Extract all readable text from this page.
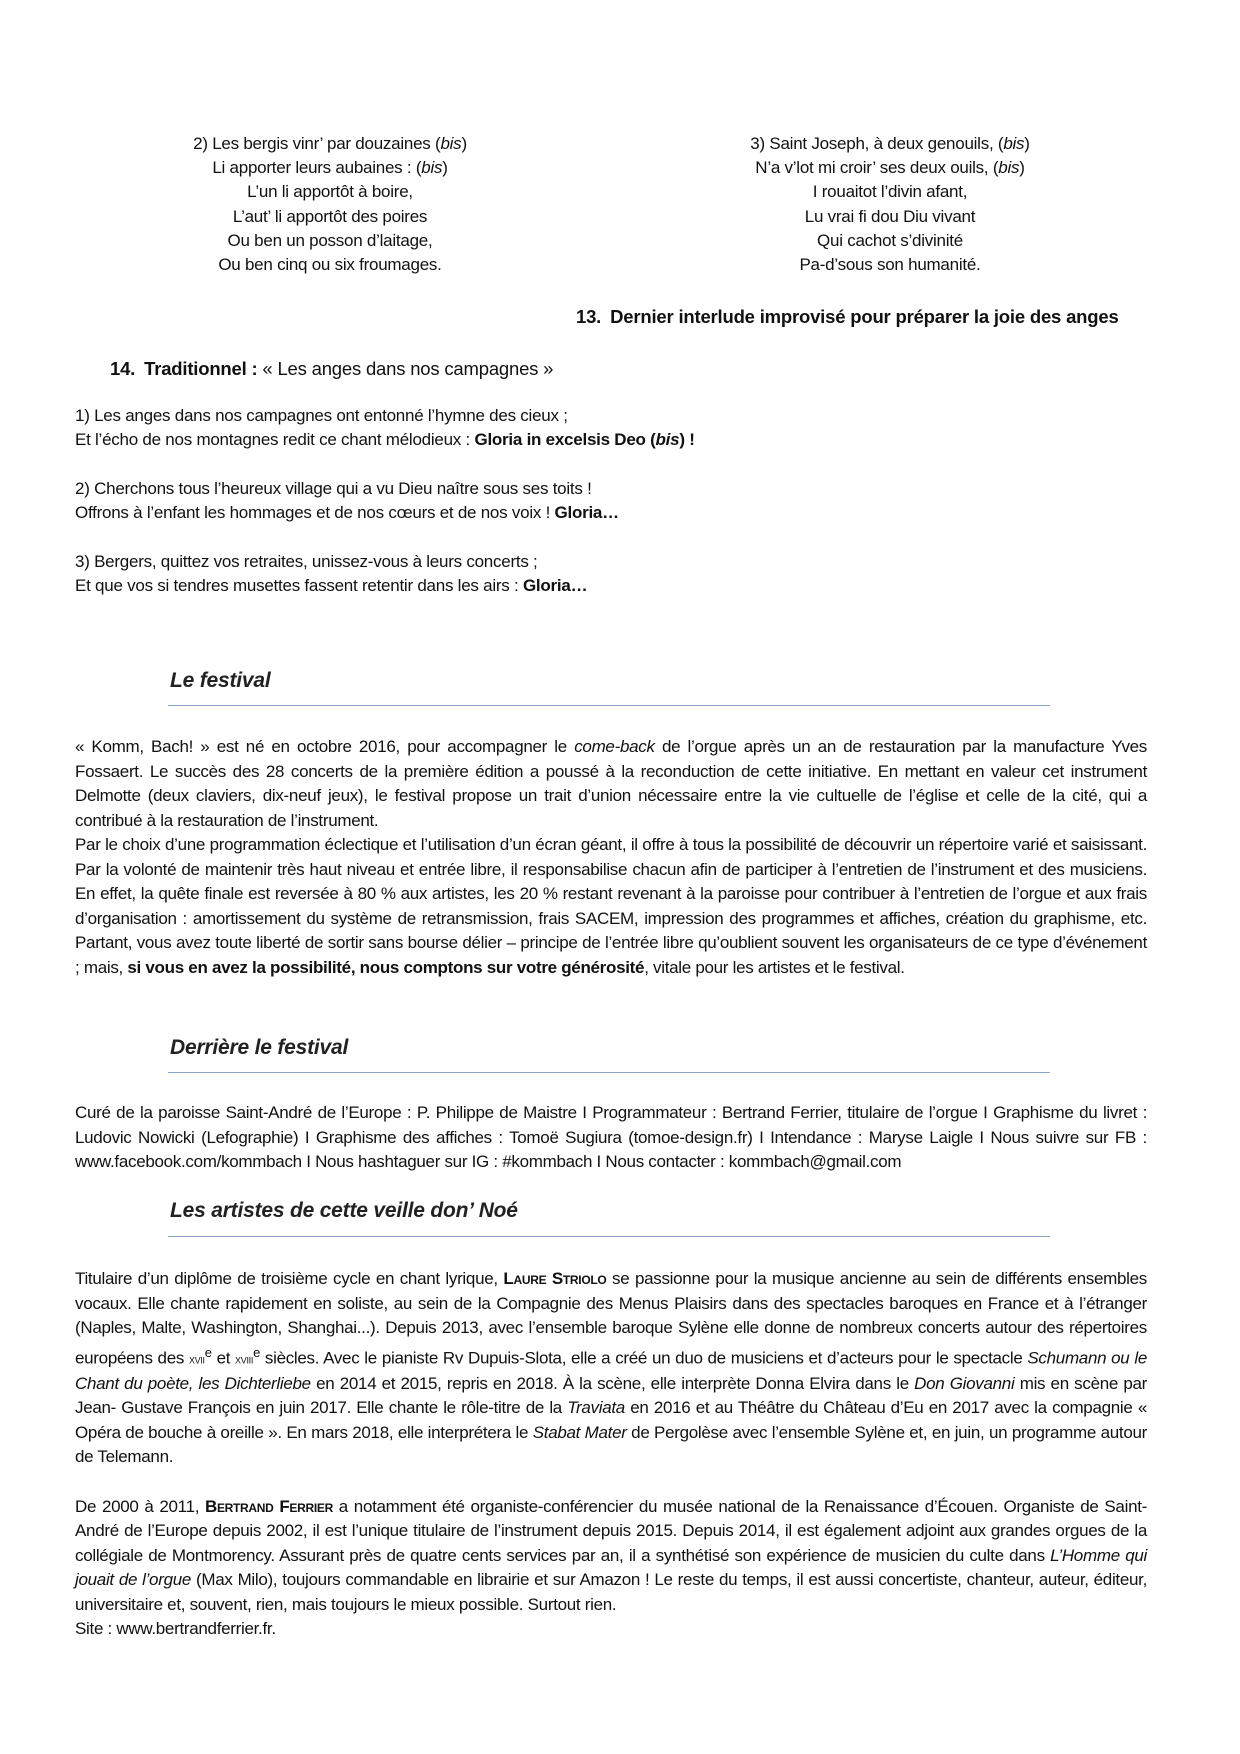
2) Les bergis vinr’ par douzaines (bis)
Li apporter leurs aubaines : (bis)
L’un li apportôt à boire,
L’aut’ li apportôt des poires
Ou ben un posson d’laitage,
Ou ben cinq ou six froumages.
3) Saint Joseph, à deux genouils, (bis)
N’a v’lot mi croir’ ses deux ouils, (bis)
I rouaitot l’divin afant,
Lu vrai fi dou Diu vivant
Qui cachot s’divinité
Pa-d’sous son humanité.
13. Dernier interlude improvisé pour préparer la joie des anges
14. Traditionnel : « Les anges dans nos campagnes »
1) Les anges dans nos campagnes ont entonné l’hymne des cieux ;
Et l’écho de nos montagnes redit ce chant mélodieux : Gloria in excelsis Deo (bis) !
2) Cherchons tous l’heureux village qui a vu Dieu naître sous ses toits !
Offrons à l’enfant les hommages et de nos cœurs et de nos voix ! Gloria…
3) Bergers, quittez vos retraites, unissez-vous à leurs concerts ;
Et que vos si tendres musettes fassent retentir dans les airs : Gloria…
Le festival

« Komm, Bach! » est né en octobre 2016, pour accompagner le come-back de l’orgue après un an de restauration par la manufacture Yves Fossaert. Le succès des 28 concerts de la première édition a poussé à la reconduction de cette initiative. En mettant en valeur cet instrument Delmotte (deux claviers, dix-neuf jeux), le festival propose un trait d’union nécessaire entre la vie cultuelle de l’église et celle de la cité, qui a contribué à la restauration de l’instrument.

Par le choix d’une programmation éclectique et l’utilisation d’un écran géant, il offre à tous la possibilité de découvrir un répertoire varié et saisissant. Par la volonté de maintenir très haut niveau et entrée libre, il responsabilise chacun afin de participer à l’entretien de l’instrument et des musiciens. En effet, la quête finale est reversée à 80 % aux artistes, les 20 % restant revenant à la paroisse pour contribuer à l’entretien de l’orgue et aux frais d’organisation : amortissement du système de retransmission, frais SACEM, impression des programmes et affiches, création du graphisme, etc. Partant, vous avez toute liberté de sortir sans bourse délier – principe de l’entrée libre qu’oublient souvent les organisateurs de ce type d’événement ; mais, si vous en avez la possibilité, nous comptons sur votre générosité, vitale pour les artistes et le festival.

Derrière le festival

Curé de la paroisse Saint-André de l’Europe : P. Philippe de Maistre I Programmateur : Bertrand Ferrier, titulaire de l’orgue I Graphisme du livret : Ludovic Nowicki (Lefographie) I Graphisme des affiches : Tomoë Sugiura (tomoe-design.fr) I Intendance : Maryse Laigle I Nous suivre sur FB : www.facebook.com/kommbach I Nous hashtaguer sur IG : #kommbach I Nous contacter : kommbach@gmail.com

Les artistes de cette veille don’ Noé

Titulaire d’un diplôme de troisième cycle en chant lyrique, Laure Striolo se passionne pour la musique ancienne au sein de différents ensembles vocaux. Elle chante rapidement en soliste, au sein de la Compagnie des Menus Plaisirs dans des spectacles baroques en France et à l’étranger (Naples, Malte, Washington, Shanghai...). Depuis 2013, avec l’ensemble baroque Sylène elle donne de nombreux concerts autour des répertoires européens des xvii$^e$ et xviii$^e$ siècles. Avec le pianiste Rv Dupuis-Slota, elle a créé un duo de musiciens et d’acteurs pour le spectacle Schumann ou le Chant du poète, les Dichterliebe en 2014 et 2015, repris en 2018. À la scène, elle interprète Donna Elvira dans le Don Giovanni mis en scène par Jean- Gustave François en juin 2017. Elle chante le rôle-titre de la Traviata en 2016 et au Théâtre du Château d’Eu en 2017 avec la compagnie « Opéra de bouche à oreille ». En mars 2018, elle interprétera le Stabat Mater de Pergolèse avec l’ensemble Sylène et, en juin, un programme autour de Telemann.

De 2000 à 2011, Bertrand Ferrier a notamment été organiste-conférencier du musée national de la Renaissance d’Écouen. Organiste de Saint-André de l’Europe depuis 2002, il est l’unique titulaire de l’instrument depuis 2015. Depuis 2014, il est également adjoint aux grandes orgues de la collégiale de Montmorency. Assurant près de quatre cents services par an, il a synthétisé son expérience de musicien du culte dans L’Homme qui jouait de l’orgue (Max Milo), toujours commandable en librairie et sur Amazon ! Le reste du temps, il est aussi concertiste, chanteur, auteur, éditeur, universitaire et, souvent, rien, mais toujours le mieux possible. Surtout rien.

Site : www.bertrandferrier.fr.
